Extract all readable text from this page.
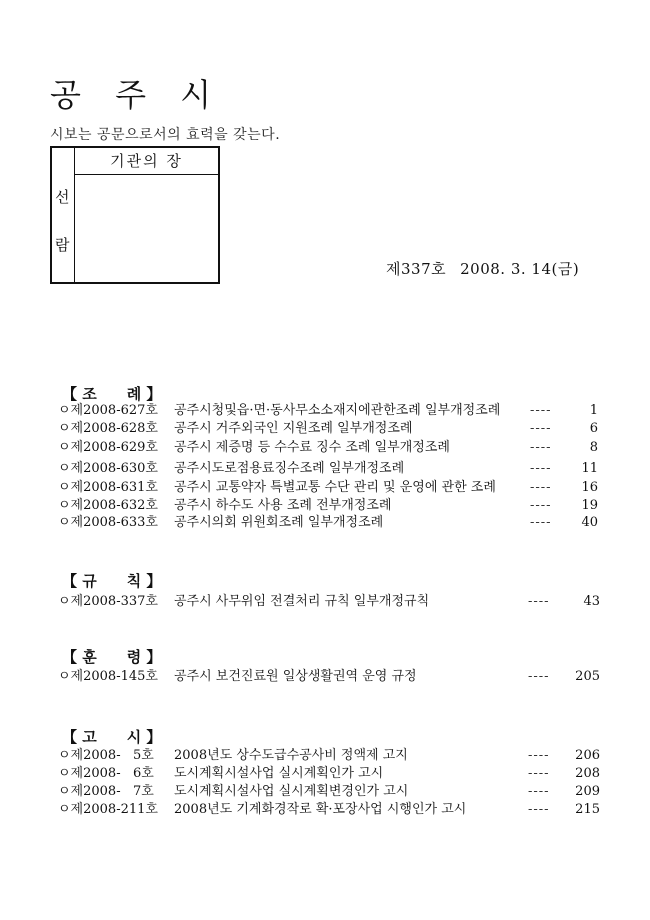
공 주 시
시보는 공문으로서의 효력을 갖는다.
선
람
기관의 장
제337호 2008. 3. 14(금)
【 조 례 】
ㅇ제2008-627호 공주시청및읍·면·동사무소소재지에관한조례 일부개정조례 ----	1
ㅇ제2008-628호 공주시 거주외국인 지원조례 일부개정조례	----	6
ㅇ제2008-629호 공주시 제증명 등 수수료 징수 조례 일부개정조례	----	8
ㅇ제2008-630호 공주시도로점용료징수조례 일부개정조례	----	11
ㅇ제2008-631호 공주시 교통약자 특별교통 수단 관리 및 운영에 관한 조례	----	16
ㅇ제2008-632호 공주시 하수도 사용 조례 전부개정조례	----	19
ㅇ제2008-633호 공주시의회 위원회조례 일부개정조례	----	40
【 규 칙 】
ㅇ제2008-337호 공주시 사무위임 전결처리 규칙 일부개정규칙	----	43
【 훈 령 】
ㅇ제2008-145호 공주시 보건진료원 일상생활권역 운영 규정	----	205
【 고 시 】
ㅇ제2008-   5호 2008년도 상수도급수공사비 정액제 고지	----	206
ㅇ제2008-   6호 도시계획시설사업 실시계획인가 고시	----	208
ㅇ제2008-   7호 도시계획시설사업 실시계획변경인가 고시	----	209
ㅇ제2008-211호 2008년도 기계화경작로 확·포장사업 시행인가 고시	----	215
